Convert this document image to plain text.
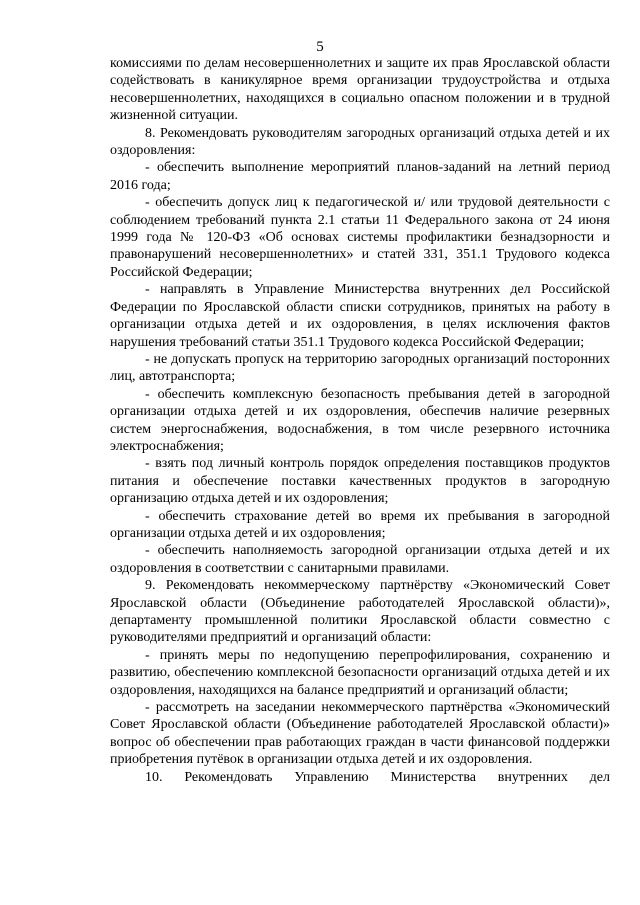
5

комиссиями по делам несовершеннолетних и защите их прав Ярославской области содействовать в каникулярное время организации трудоустройства и отдыха несовершеннолетних, находящихся в социально опасном положении и в трудной жизненной ситуации.

8. Рекомендовать руководителям загородных организаций отдыха детей и их оздоровления:

- обеспечить выполнение мероприятий планов-заданий на летний период 2016 года;

- обеспечить допуск лиц к педагогической и/ или трудовой деятельности с соблюдением требований пункта 2.1 статьи 11 Федерального закона от 24 июня 1999 года № 120-ФЗ «Об основах системы профилактики безнадзорности и правонарушений несовершеннолетних» и статей 331, 351.1 Трудового кодекса Российской Федерации;

- направлять в Управление Министерства внутренних дел Российской Федерации по Ярославской области списки сотрудников, принятых на работу в организации отдыха детей и их оздоровления, в целях исключения фактов нарушения требований статьи 351.1 Трудового кодекса Российской Федерации;

- не допускать пропуск на территорию загородных организаций посторонних лиц, автотранспорта;

- обеспечить комплексную безопасность пребывания детей в загородной организации отдыха детей и их оздоровления, обеспечив наличие резервных систем энергоснабжения, водоснабжения, в том числе резервного источника электроснабжения;

- взять под личный контроль порядок определения поставщиков продуктов питания и обеспечение поставки качественных продуктов в загородную организацию отдыха детей и их оздоровления;

- обеспечить страхование детей во время их пребывания в загородной организации отдыха детей и их оздоровления;

- обеспечить наполняемость загородной организации отдыха детей и их оздоровления в соответствии с санитарными правилами.

9. Рекомендовать некоммерческому партнёрству «Экономический Совет Ярославской области (Объединение работодателей Ярославской области)», департаменту промышленной политики Ярославской области совместно с руководителями предприятий и организаций области:

- принять меры по недопущению перепрофилирования, сохранению и развитию, обеспечению комплексной безопасности организаций отдыха детей и их оздоровления, находящихся на балансе предприятий и организаций области;

- рассмотреть на заседании некоммерческого партнёрства «Экономический Совет Ярославской области (Объединение работодателей Ярославской области)» вопрос об обеспечении прав работающих граждан в части финансовой поддержки приобретения путёвок в организации отдыха детей и их оздоровления.

10. Рекомендовать Управлению Министерства внутренних дел
